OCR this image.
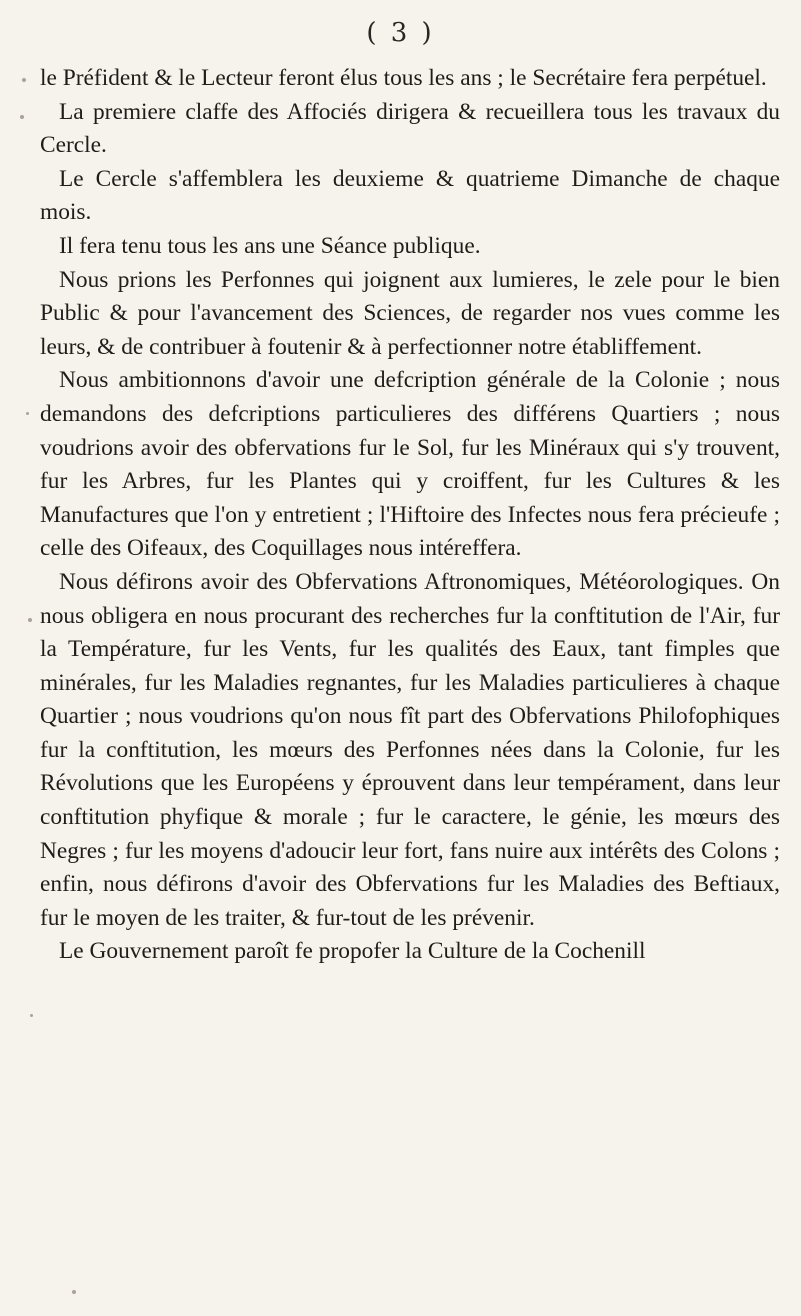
( 3 )

le Préfident & le Lecteur feront élus tous les ans ; le Secrétaire fera perpétuel.

La premiere claffe des Affociés dirigera & recueillera tous les travaux du Cercle.

Le Cercle s'affemblera les deuxieme & quatrieme Dimanche de chaque mois.

Il fera tenu tous les ans une Séance publique.

Nous prions les Perfonnes qui joignent aux lumieres, le zele pour le bien Public & pour l'avancement des Sciences, de regarder nos vues comme les leurs, & de contribuer à foutenir & à perfectionner notre établiffement.

Nous ambitionnons d'avoir une defcription générale de la Colonie ; nous demandons des defcriptions particulieres des différens Quartiers ; nous voudrions avoir des obfervations fur le Sol, fur les Minéraux qui s'y trouvent, fur les Arbres, fur les Plantes qui y croiffent, fur les Cultures & les Manufactures que l'on y entretient ; l'Hiftoire des Infectes nous fera précieufe ; celle des Oifeaux, des Coquillages nous intéreffera.

Nous défirons avoir des Obfervations Aftronomiques, Météorologiques. On nous obligera en nous procurant des recherches fur la conftitution de l'Air, fur la Température, fur les Vents, fur les qualités des Eaux, tant fimples que minérales, fur les Maladies regnantes, fur les Maladies particulieres à chaque Quartier ; nous voudrions qu'on nous fît part des Obfervations Philofophiques fur la conftitution, les mœurs des Perfonnes nées dans la Colonie, fur les Révolutions que les Européens y éprouvent dans leur tempérament, dans leur conftitution phyfique & morale ; fur le caractere, le génie, les mœurs des Negres ; fur les moyens d'adoucir leur fort, fans nuire aux intérêts des Colons ; enfin, nous défirons d'avoir des Obfervations fur les Maladies des Beftiaux, fur le moyen de les traiter, & fur-tout de les prévenir.

Le Gouvernement paroît fe propofer la Culture de la Cochenill
